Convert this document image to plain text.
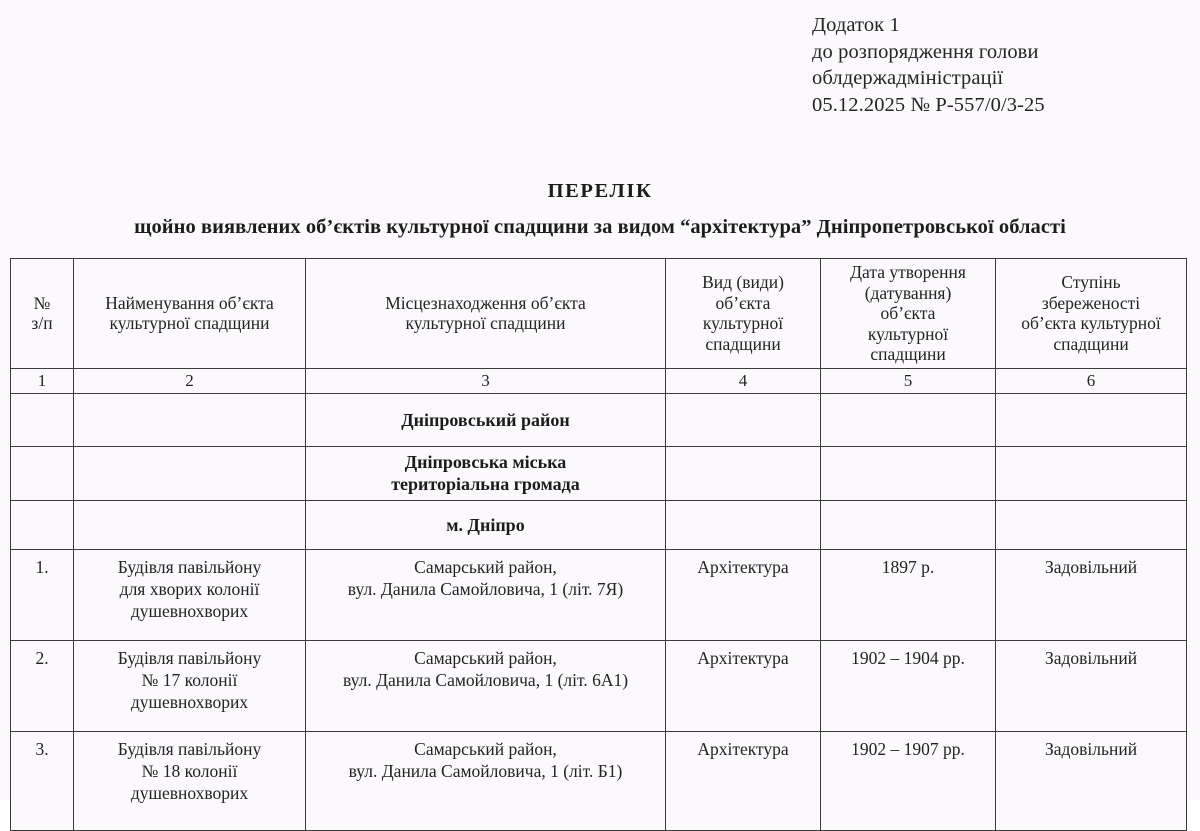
Додаток 1
до розпорядження голови
облдержадміністрації
05.12.2025 № Р-557/0/3-25
ПЕРЕЛІК
щойно виявлених об’єктів культурної спадщини за видом “архітектура” Дніпропетровської області
№
з/п	Найменування об’єкта
культурної спадщини	Місцезнаходження об’єкта
культурної спадщини	Вид (види)
об’єкта
культурної
спадщини	Дата утворення
(датування)
об’єкта
культурної
спадщини	Ступінь
збереженості
об’єкта культурної
спадщини

1	2	3	4	5	6

		Дніпровський район			

		Дніпровська міська
територіальна громада			

		м. Дніпро			

1.	Будівля павільйону
для хворих колонії
душевнохворих	Самарський район,
вул. Данила Самойловича, 1 (літ. 7Я)	Архітектура	1897 р.	Задовільний
2.	Будівля павільйону
№ 17 колонії
душевнохворих	Самарський район,
вул. Данила Самойловича, 1 (літ. 6А1)	Архітектура	1902 – 1904 рр.	Задовільний
3.	Будівля павільйону
№ 18 колонії
душевнохворих	Самарський район,
вул. Данила Самойловича, 1 (літ. Б1)	Архітектура	1902 – 1907 рр.	Задовільний
